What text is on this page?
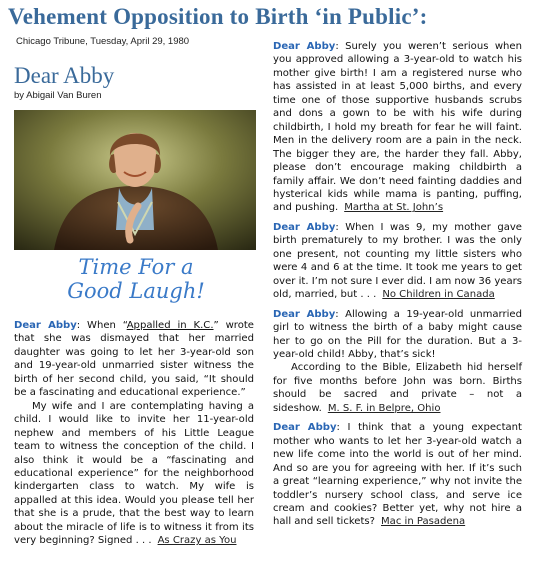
Vehement Opposition to Birth ‘in Public’:
Chicago Tribune, Tuesday, April 29, 1980
Dear Abby
by Abigail Van Buren
Time For a
Good Laugh!

Dear Abby: When “Appalled in K.C.” wrote that she was dismayed that her married daughter was going to let her 3-year-old son and 19-year-old unmarried sister witness the birth of her second child, you said, “It should be a fascinating and educational experience.”

My wife and I are contemplating having a child. I would like to invite her 11-year-old nephew and members of his Little League team to witness the conception of the child. I also think it would be a “fascinating and educational experience” for the neighborhood kindergarten class to watch. My wife is appalled at this idea. Would you please tell her that she is a prude, that the best way to learn about the miracle of life is to witness it from its very beginning? Signed . . . As Crazy as You

Dear Abby: Surely you weren’t serious when you approved allowing a 3-year-old to watch his mother give birth! I am a registered nurse who has assisted in at least 5,000 births, and every time one of those supportive husbands scrubs and dons a gown to be with his wife during childbirth, I hold my breath for fear he will faint. Men in the delivery room are a pain in the neck. The bigger they are, the harder they fall. Abby, please don’t encourage making childbirth a family affair. We don’t need fainting daddies and hysterical kids while mama is panting, puffing, and pushing. Martha at St. John’s

Dear Abby: When I was 9, my mother gave birth prematurely to my brother. I was the only one present, not counting my little sisters who were 4 and 6 at the time. It took me years to get over it. I’m not sure I ever did. I am now 36 years old, married, but . . . No Children in Canada

Dear Abby: Allowing a 19-year-old unmarried girl to witness the birth of a baby might cause her to go on the Pill for the duration. But a 3-year-old child! Abby, that’s sick!

According to the Bible, Elizabeth hid herself for five months before John was born. Births should be sacred and private – not a sideshow. M. S. F. in Belpre, Ohio

Dear Abby: I think that a young expectant mother who wants to let her 3-year-old watch a new life come into the world is out of her mind. And so are you for agreeing with her. If it’s such a great “learning experience,” why not invite the toddler’s nursery school class, and serve ice cream and cookies? Better yet, why not hire a hall and sell tickets? Mac in Pasadena
